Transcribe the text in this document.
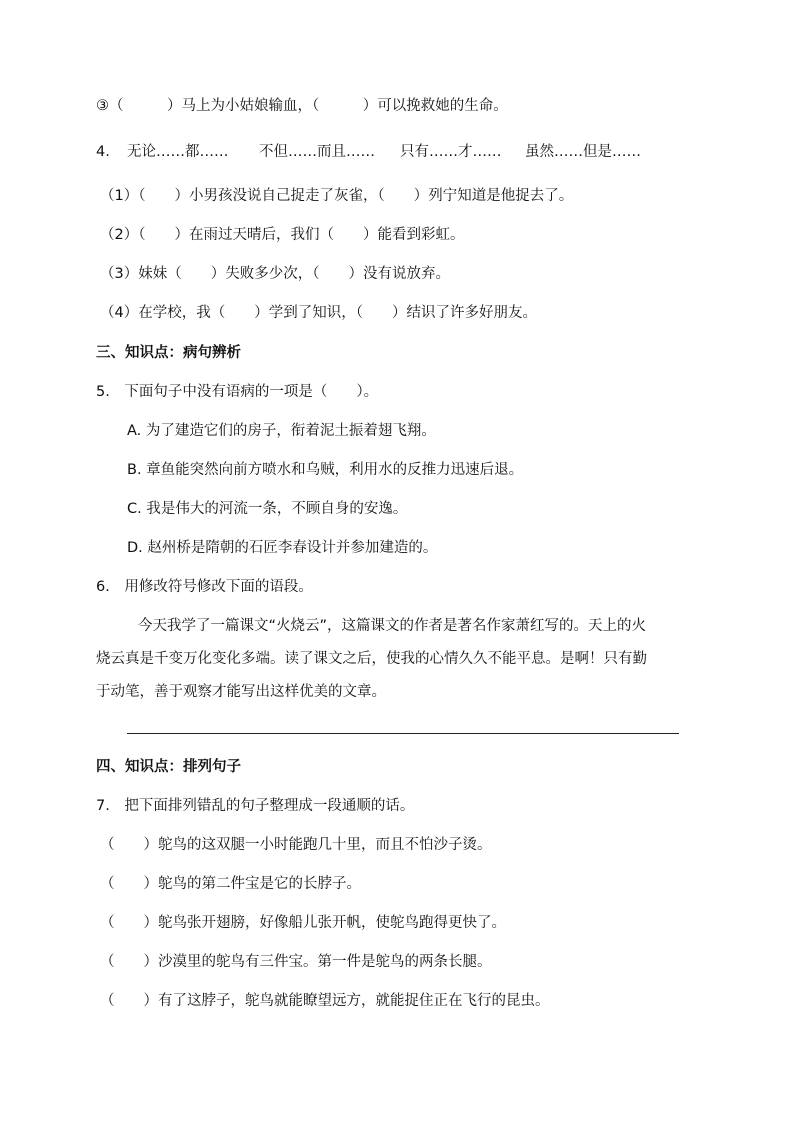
③（　　　）马上为小姑娘输血，（　　　）可以挽救她的生命。
4. 无论……都…… 不但……而且…… 只有……才…… 虽然……但是……
（1）（　　）小男孩没说自己捉走了灰雀，（　　）列宁知道是他捉去了。
（2）（　　）在雨过天晴后，我们（　　）能看到彩虹。
（3）妹妹（　　）失败多少次，（　　）没有说放弃。
（4）在学校，我（　　）学到了知识，（　　）结识了许多好朋友。
三、知识点：病句辨析
5.　下面句子中没有语病的一项是（　　）。
A. 为了建造它们的房子，衔着泥土振着翅飞翔。
B. 章鱼能突然向前方喷水和乌贼，利用水的反推力迅速后退。
C. 我是伟大的河流一条，不顾自身的安逸。
D. 赵州桥是隋朝的石匠李春设计并参加建造的。
6.　用修改符号修改下面的语段。
今天我学了一篇课文“火烧云”，这篇课文的作者是著名作家萧红写的。天上的火
烧云真是千变万化变化多端。读了课文之后，使我的心情久久不能平息。是啊！只有勤
于动笔，善于观察才能写出这样优美的文章。
四、知识点：排列句子
7.　把下面排列错乱的句子整理成一段通顺的话。
（　　）鸵鸟的这双腿一小时能跑几十里，而且不怕沙子烫。
（　　）鸵鸟的第二件宝是它的长脖子。
（　　）鸵鸟张开翅膀，好像船儿张开帆，使鸵鸟跑得更快了。
（　　）沙漠里的鸵鸟有三件宝。第一件是鸵鸟的两条长腿。
（　　）有了这脖子，鸵鸟就能瞭望远方，就能捉住正在飞行的昆虫。
